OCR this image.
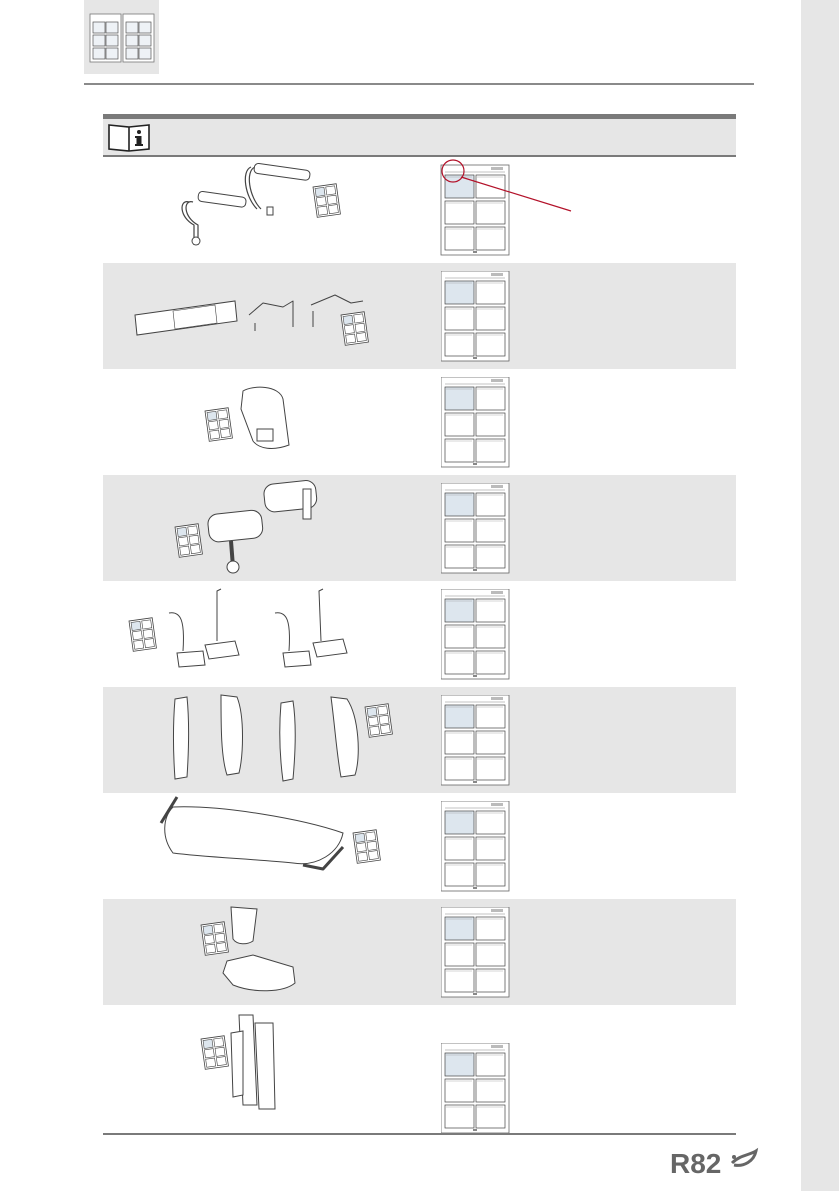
R82
